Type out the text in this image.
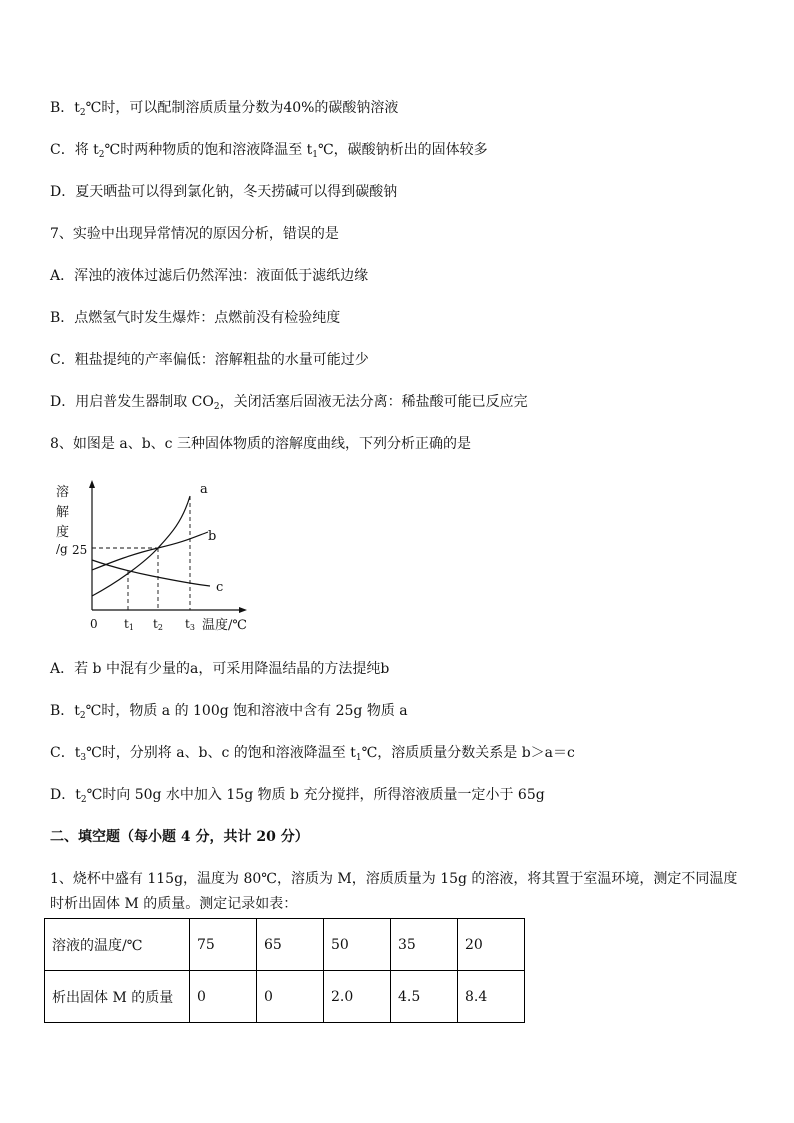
B．$t_2℃$时，可以配制溶质质量分数为40%的碳酸钠溶液
C．将 $t_2℃$时两种物质的饱和溶液降温至 $t_1℃$，碳酸钠析出的固体较多
D．夏天晒盐可以得到氯化钠，冬天捞碱可以得到碳酸钠
7、实验中出现异常情况的原因分析，错误的是
A．浑浊的液体过滤后仍然浑浊：液面低于滤纸边缘
B．点燃氢气时发生爆炸：点燃前没有检验纯度
C．粗盐提纯的产率偏低：溶解粗盐的水量可能过少
D．用启普发生器制取 $CO_2$，关闭活塞后固液无法分离：稀盐酸可能已反应完
8、如图是 a、b、c 三种固体物质的溶解度曲线，下列分析正确的是
a
b
c
溶
解
度
/g 25
0 t1 t2 t3 温度/℃
A．若 b 中混有少量的a，可采用降温结晶的方法提纯b
B．$t_2℃$时，物质 a 的 100g 饱和溶液中含有 25g 物质 a
C．$t_3℃$时，分别将 a、b、c 的饱和溶液降温至 $t_1℃$，溶质质量分数关系是 b＞a＝c
D．$t_2℃$时向 50g 水中加入 15g 物质 b 充分搅拌，所得溶液质量一定小于 65g
二、填空题（每小题 4 分，共计 20 分）
1、烧杯中盛有 115g，温度为 80℃，溶质为 M，溶质质量为 15g 的溶液，将其置于室温环境，测定不同温度
时析出固体 M 的质量。测定记录如表：
溶液的温度/℃	75	65	50	35	20
析出固体 M 的质量	0	0	2.0	4.5	8.4
